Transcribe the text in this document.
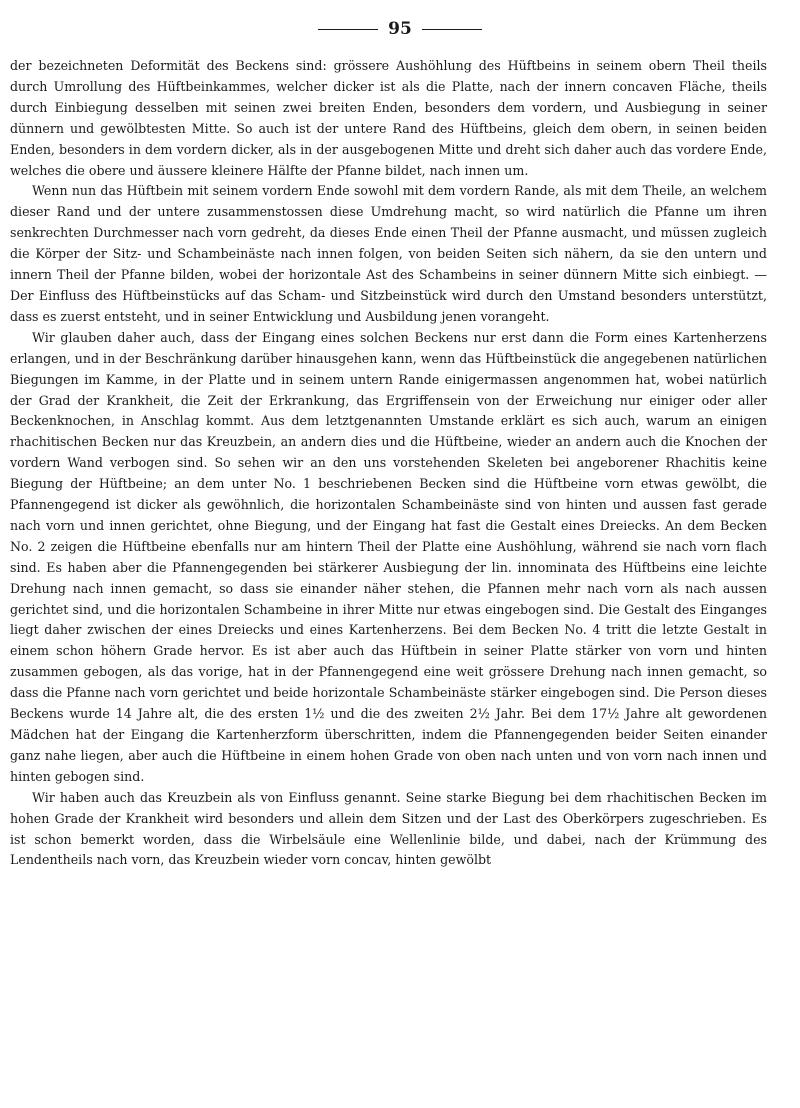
95

der bezeichneten Deformität des Beckens sind: grössere Aushöhlung des Hüftbeins in seinem obern Theil theils durch Umrollung des Hüftbeinkammes, welcher dicker ist als die Platte, nach der innern concaven Fläche, theils durch Einbiegung desselben mit seinen zwei breiten Enden, besonders dem vordern, und Ausbiegung in seiner dünnern und gewölbtesten Mitte. So auch ist der untere Rand des Hüftbeins, gleich dem obern, in seinen beiden Enden, besonders in dem vordern dicker, als in der ausgebogenen Mitte und dreht sich daher auch das vordere Ende, welches die obere und äussere kleinere Hälfte der Pfanne bildet, nach innen um.

Wenn nun das Hüftbein mit seinem vordern Ende sowohl mit dem vordern Rande, als mit dem Theile, an welchem dieser Rand und der untere zusammenstossen diese Umdrehung macht, so wird natürlich die Pfanne um ihren senkrechten Durchmesser nach vorn gedreht, da dieses Ende einen Theil der Pfanne ausmacht, und müssen zugleich die Körper der Sitz- und Schambeinäste nach innen folgen, von beiden Seiten sich nähern, da sie den untern und innern Theil der Pfanne bilden, wobei der horizontale Ast des Schambeins in seiner dünnern Mitte sich einbiegt. — Der Einfluss des Hüftbeinstücks auf das Scham- und Sitzbeinstück wird durch den Umstand besonders unterstützt, dass es zuerst entsteht, und in seiner Entwicklung und Ausbildung jenen vorangeht.

Wir glauben daher auch, dass der Eingang eines solchen Beckens nur erst dann die Form eines Kartenherzens erlangen, und in der Beschränkung darüber hinausgehen kann, wenn das Hüftbeinstück die angegebenen natürlichen Biegungen im Kamme, in der Platte und in seinem untern Rande einigermassen angenommen hat, wobei natürlich der Grad der Krankheit, die Zeit der Erkrankung, das Ergriffensein von der Erweichung nur einiger oder aller Beckenknochen, in Anschlag kommt. Aus dem letztgenannten Umstande erklärt es sich auch, warum an einigen rhachitischen Becken nur das Kreuzbein, an andern dies und die Hüftbeine, wieder an andern auch die Knochen der vordern Wand verbogen sind. So sehen wir an den uns vorstehenden Skeleten bei angeborener Rhachitis keine Biegung der Hüftbeine; an dem unter No. 1 beschriebenen Becken sind die Hüftbeine vorn etwas gewölbt, die Pfannengegend ist dicker als gewöhnlich, die horizontalen Schambeinäste sind von hinten und aussen fast gerade nach vorn und innen gerichtet, ohne Biegung, und der Eingang hat fast die Gestalt eines Dreiecks. An dem Becken No. 2 zeigen die Hüftbeine ebenfalls nur am hintern Theil der Platte eine Aushöhlung, während sie nach vorn flach sind. Es haben aber die Pfannengegenden bei stärkerer Ausbiegung der lin. innominata des Hüftbeins eine leichte Drehung nach innen gemacht, so dass sie einander näher stehen, die Pfannen mehr nach vorn als nach aussen gerichtet sind, und die horizontalen Schambeine in ihrer Mitte nur etwas eingebogen sind. Die Gestalt des Einganges liegt daher zwischen der eines Dreiecks und eines Kartenherzens. Bei dem Becken No. 4 tritt die letzte Gestalt in einem schon höhern Grade hervor. Es ist aber auch das Hüftbein in seiner Platte stärker von vorn und hinten zusammen gebogen, als das vorige, hat in der Pfannengegend eine weit grössere Drehung nach innen gemacht, so dass die Pfanne nach vorn gerichtet und beide horizontale Schambeinäste stärker eingebogen sind. Die Person dieses Beckens wurde 14 Jahre alt, die des ersten 1½ und die des zweiten 2½ Jahr. Bei dem 17½ Jahre alt gewordenen Mädchen hat der Eingang die Kartenherzform überschritten, indem die Pfannengegenden beider Seiten einander ganz nahe liegen, aber auch die Hüftbeine in einem hohen Grade von oben nach unten und von vorn nach innen und hinten gebogen sind.

Wir haben auch das Kreuzbein als von Einfluss genannt. Seine starke Biegung bei dem rhachitischen Becken im hohen Grade der Krankheit wird besonders und allein dem Sitzen und der Last des Oberkörpers zugeschrieben. Es ist schon bemerkt worden, dass die Wirbelsäule eine Wellenlinie bilde, und dabei, nach der Krümmung des Lendentheils nach vorn, das Kreuzbein wieder vorn concav, hinten gewölbt
